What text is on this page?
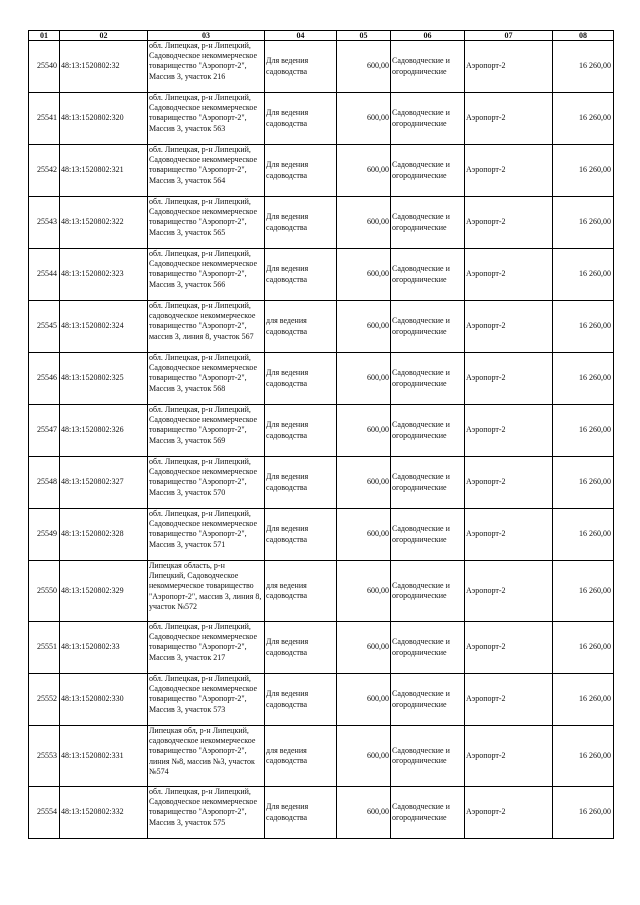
01	02	03	04	05	06	07	08
25540	48:13:1520802:32	обл. Липецкая, р-н Липецкий, Садоводческое некоммерческое товарищество "Аэропорт-2", Массив 3, участок 216	Для ведения садоводства	600,00	Садоводческие и огороднические	Аэропорт-2	16 260,00
25541	48:13:1520802:320	обл. Липецкая, р-н Липецкий, Садоводческое некоммерческое товарищество "Аэропорт-2", Массив 3, участок 563	Для ведения садоводства	600,00	Садоводческие и огороднические	Аэропорт-2	16 260,00
25542	48:13:1520802:321	обл. Липецкая, р-н Липецкий, Садоводческое некоммерческое товарищество "Аэропорт-2", Массив 3, участок 564	Для ведения садоводства	600,00	Садоводческие и огороднические	Аэропорт-2	16 260,00
25543	48:13:1520802:322	обл. Липецкая, р-н Липецкий, Садоводческое некоммерческое товарищество "Аэропорт-2", Массив 3, участок 565	Для ведения садоводства	600,00	Садоводческие и огороднические	Аэропорт-2	16 260,00
25544	48:13:1520802:323	обл. Липецкая, р-н Липецкий, Садоводческое некоммерческое товарищество "Аэропорт-2", Массив 3, участок 566	Для ведения садоводства	600,00	Садоводческие и огороднические	Аэропорт-2	16 260,00
25545	48:13:1520802:324	обл. Липецкая, р-н Липецкий, садоводческое некоммерческое товарищество "Аэропорт-2", массив 3, линия 8, участок 567	для ведения садоводства	600,00	Садоводческие и огороднические	Аэропорт-2	16 260,00
25546	48:13:1520802:325	обл. Липецкая, р-н Липецкий, Садоводческое некоммерческое товарищество "Аэропорт-2", Массив 3, участок 568	Для ведения садоводства	600,00	Садоводческие и огороднические	Аэропорт-2	16 260,00
25547	48:13:1520802:326	обл. Липецкая, р-н Липецкий, Садоводческое некоммерческое товарищество "Аэропорт-2", Массив 3, участок 569	Для ведения садоводства	600,00	Садоводческие и огороднические	Аэропорт-2	16 260,00
25548	48:13:1520802:327	обл. Липецкая, р-н Липецкий, Садоводческое некоммерческое товарищество "Аэропорт-2", Массив 3, участок 570	Для ведения садоводства	600,00	Садоводческие и огороднические	Аэропорт-2	16 260,00
25549	48:13:1520802:328	обл. Липецкая, р-н Липецкий, Садоводческое некоммерческое товарищество "Аэропорт-2", Массив 3, участок 571	Для ведения садоводства	600,00	Садоводческие и огороднические	Аэропорт-2	16 260,00
25550	48:13:1520802:329	Липецкая область, р-н Липецкий, Садоводческое некоммерческое товарищество "Аэропорт-2", массив 3, линия 8, участок №572	для ведения садоводства	600,00	Садоводческие и огороднические	Аэропорт-2	16 260,00
25551	48:13:1520802:33	обл. Липецкая, р-н Липецкий, Садоводческое некоммерческое товарищество "Аэропорт-2", Массив 3, участок 217	Для ведения садоводства	600,00	Садоводческие и огороднические	Аэропорт-2	16 260,00
25552	48:13:1520802:330	обл. Липецкая, р-н Липецкий, Садоводческое некоммерческое товарищество "Аэропорт-2", Массив 3, участок 573	Для ведения садоводства	600,00	Садоводческие и огороднические	Аэропорт-2	16 260,00
25553	48:13:1520802:331	Липецкая обл, р-н Липецкий, садоводческое некоммерческое товарищество "Аэропорт-2", линия №8, массив №3, участок №574	для ведения садоводства	600,00	Садоводческие и огороднические	Аэропорт-2	16 260,00
25554	48:13:1520802:332	обл. Липецкая, р-н Липецкий, Садоводческое некоммерческое товарищество "Аэропорт-2", Массив 3, участок 575	Для ведения садоводства	600,00	Садоводческие и огороднические	Аэропорт-2	16 260,00
